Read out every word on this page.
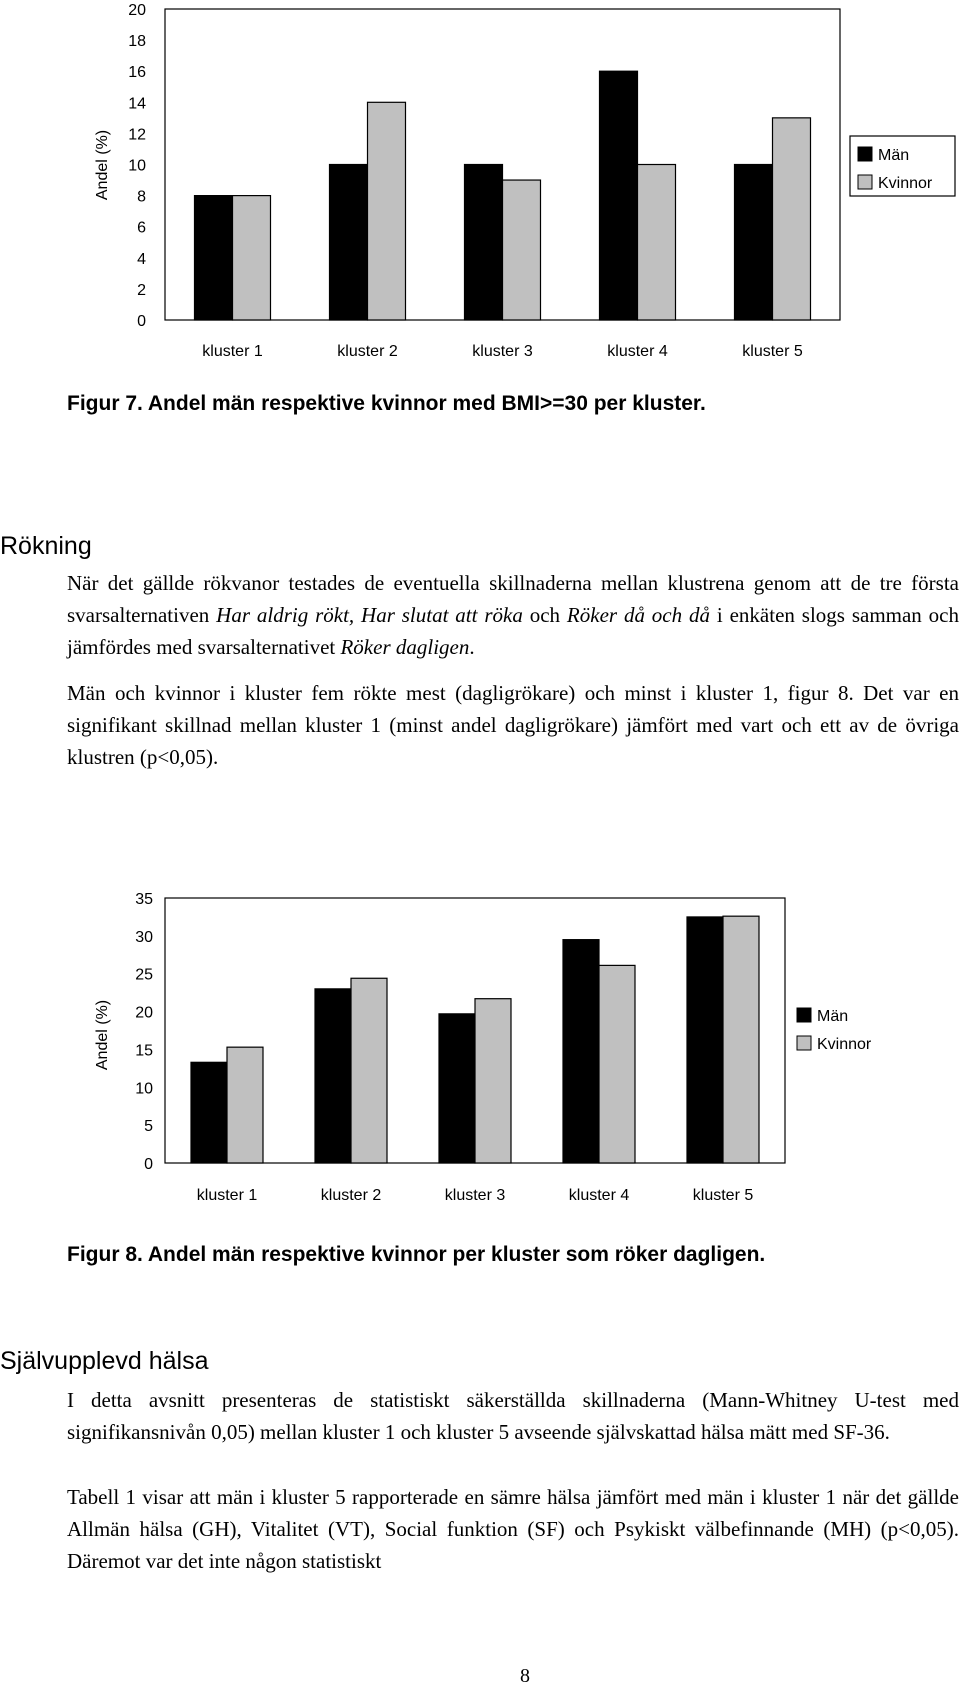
0
2
4
6
8
10
12
14
16
18
20
Andel (%)
kluster 1	kluster 2	kluster 3	kluster 4	kluster 5
Män
Kvinnor
Figur 7. Andel män respektive kvinnor med BMI>=30 per kluster.
Rökning

När det gällde rökvanor testades de eventuella skillnaderna mellan klustrena genom att de tre första svarsalternativen Har aldrig rökt, Har slutat att röka och Röker då och då i enkäten slogs samman och jämfördes med svarsalternativet Röker dagligen.

Män och kvinnor i kluster fem rökte mest (dagligrökare) och minst i kluster 1, figur 8. Det var en signifikant skillnad mellan kluster 1 (minst andel dagligrökare) jämfört med vart och ett av de övriga klustren (p<0,05).

0
5
10
15
20
25
30
35
Andel (%)
kluster 1	kluster 2	kluster 3	kluster 4	kluster 5
Män
Kvinnor
Figur 8. Andel män respektive kvinnor per kluster som röker dagligen.
Självupplevd hälsa

I detta avsnitt presenteras de statistiskt säkerställda skillnaderna (Mann-Whitney U-test med signifikansnivån 0,05) mellan kluster 1 och kluster 5 avseende självskattad hälsa mätt med SF-36.

Tabell 1 visar att män i kluster 5 rapporterade en sämre hälsa jämfört med män i kluster 1 när det gällde Allmän hälsa (GH), Vitalitet (VT), Social funktion (SF) och Psykiskt välbefinnande (MH) (p<0,05). Däremot var det inte någon statistiskt

8
